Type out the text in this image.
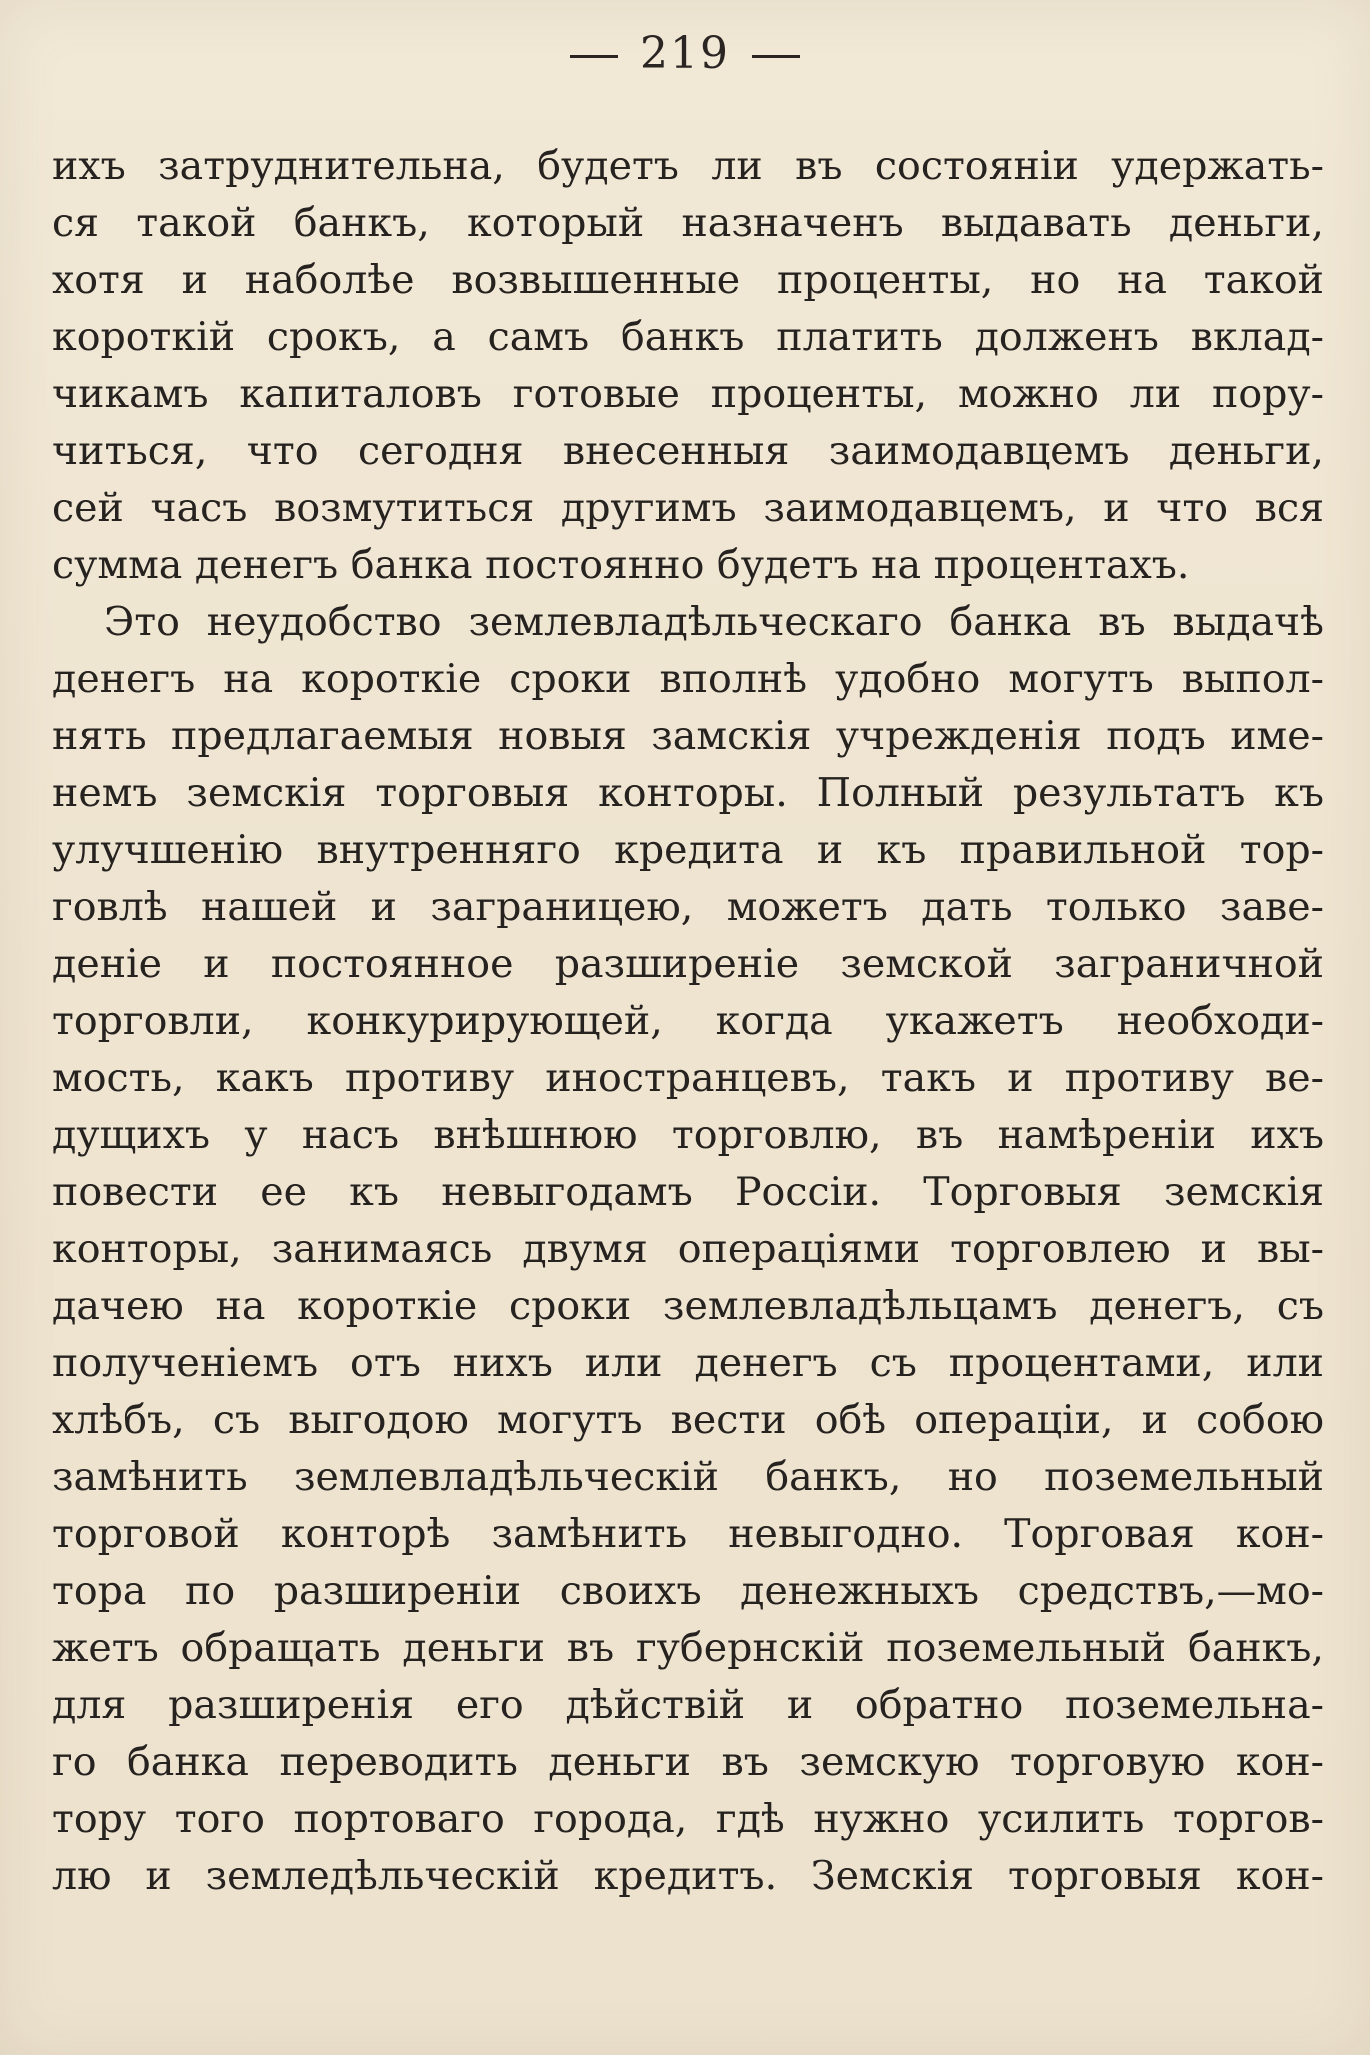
219
ихъ затруднительна, будетъ ли въ состоянiи удержать-
ся такой банкъ, который назначенъ выдавать деньги,
хотя и наболѣе возвышенные проценты, но на такой
короткiй срокъ, а самъ банкъ платить долженъ вклад-
чикамъ капиталовъ готовые проценты, можно ли пору-
читься, что сегодня внесенныя заимодавцемъ деньги,
сей часъ возмутиться другимъ заимодавцемъ, и что вся
сумма денегъ банка постоянно будетъ на процентахъ.
Это неудобство землевладѣльческаго банка въ выдачѣ
денегъ на короткiе сроки вполнѣ удобно могутъ выпол-
нять предлагаемыя новыя замскiя учрежденiя подъ име-
немъ земскiя торговыя конторы. Полный результатъ къ
улучшенiю внутренняго кредита и къ правильной тор-
говлѣ нашей и заграницею, можетъ дать только заве-
денiе и постоянное разширенiе земской заграничной
торговли, конкурирующей, когда укажетъ необходи-
мость, какъ противу иностранцевъ, такъ и противу ве-
дущихъ у насъ внѣшнюю торговлю, въ намѣренiи ихъ
повести ее къ невыгодамъ Россiи. Торговыя земскiя
конторы, занимаясь двумя операцiями торговлею и вы-
дачею на короткiе сроки землевладѣльцамъ денегъ, съ
полученiемъ отъ нихъ или денегъ съ процентами, или
хлѣбъ, съ выгодою могутъ вести обѣ операцiи, и собою
замѣнить землевладѣльческiй банкъ, но поземельный
торговой конторѣ замѣнить невыгодно. Торговая кон-
тора по разширенiи своихъ денежныхъ средствъ,—мо-
жетъ обращать деньги въ губернскiй поземельный банкъ,
для разширенiя его дѣйствiй и обратно поземельна-
го банка переводить деньги въ земскую торговую кон-
тору того портоваго города, гдѣ нужно усилить торгов-
лю и земледѣльческiй кредитъ. Земскiя торговыя кон-
